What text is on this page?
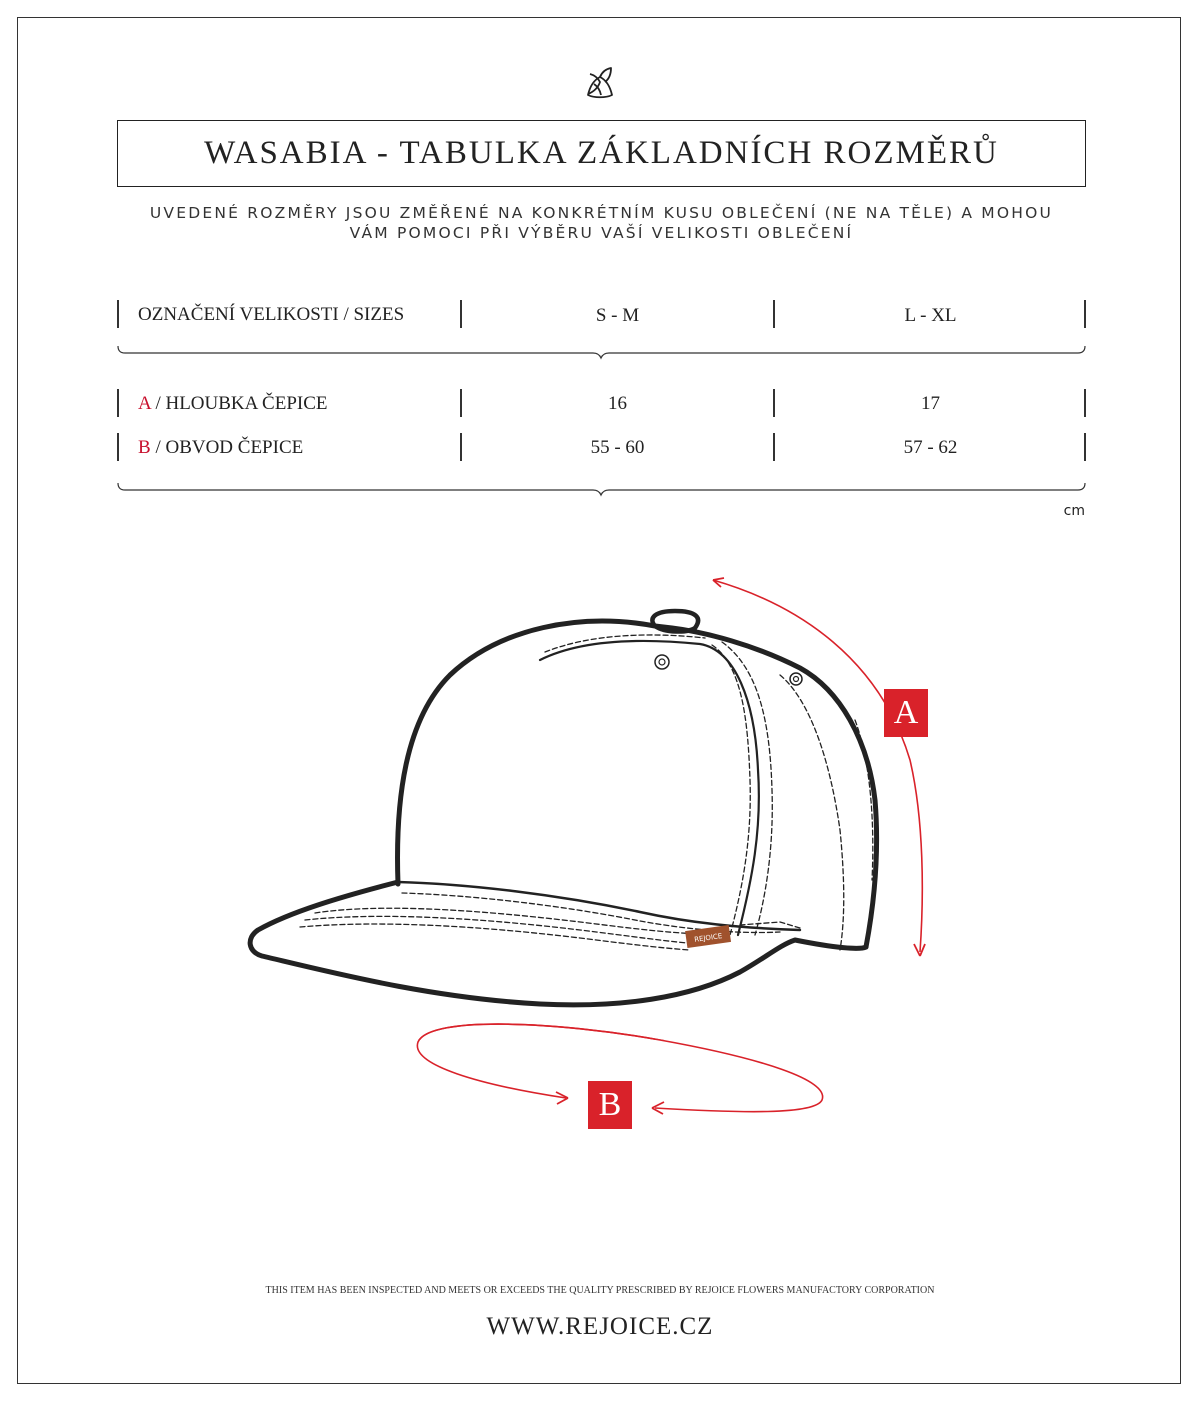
WASABIA - TABULKA ZÁKLADNÍCH ROZMĚRŮ
UVEDENÉ ROZMĚRY JSOU ZMĚŘENÉ NA KONKRÉTNÍM KUSU OBLEČENÍ (NE NA TĚLE) A MOHOU
VÁM POMOCI PŘI VÝBĚRU VAŠÍ VELIKOSTI OBLEČENÍ
OZNAČENÍ VELIKOSTI / SIZES	S - M	L - XL
A / HLOUBKA ČEPICE	16	17
B / OBVOD ČEPICE	55 - 60	57 - 62
cm
REJOICE
A
B
THIS ITEM HAS BEEN INSPECTED AND MEETS OR EXCEEDS THE QUALITY PRESCRIBED BY REJOICE FLOWERS MANUFACTORY CORPORATION
WWW.REJOICE.CZ
